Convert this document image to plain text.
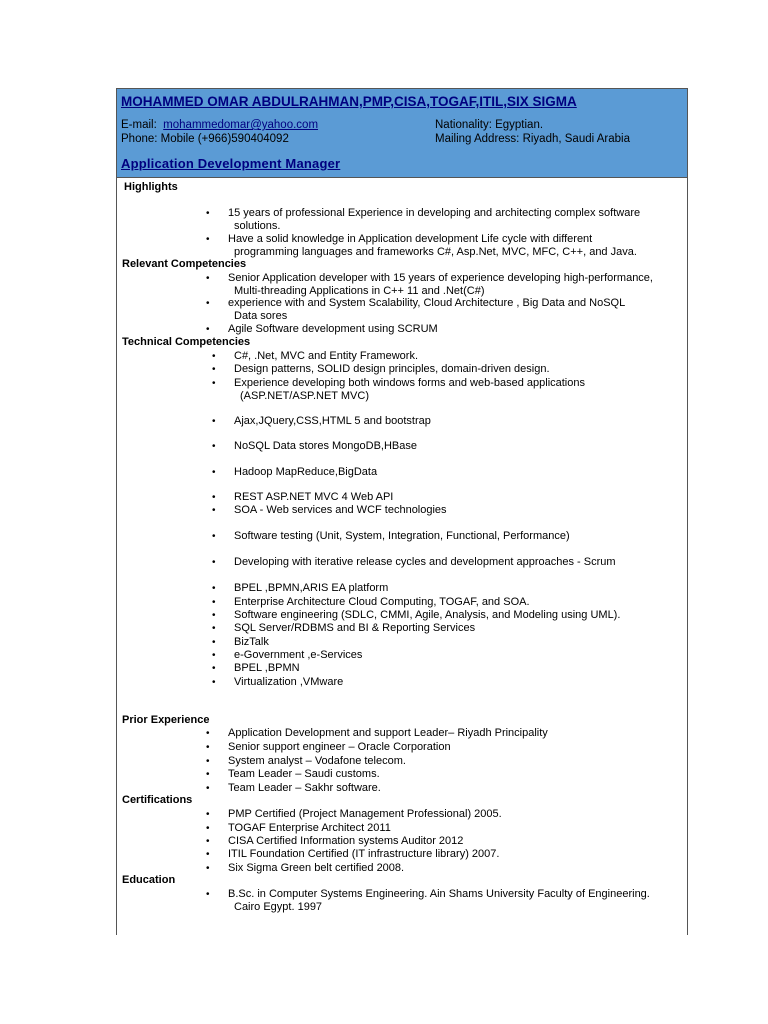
MOHAMMED OMAR ABDULRAHMAN,PMP,CISA,TOGAF,ITIL,SIX SIGMA
E-mail: mohammedomar@yahoo.com
Phone: Mobile (+966)590404092
Nationality: Egyptian.
Mailing Address: Riyadh, Saudi Arabia
Application Development Manager
Highlights
• 15 years of professional Experience in developing and architecting complex software
solutions.
• Have a solid knowledge in Application development Life cycle with different
programming languages and frameworks C#, Asp.Net, MVC, MFC, C++, and Java.
Relevant Competencies
• Senior Application developer with 15 years of experience developing high-performance,
Multi-threading Applications in C++ 11 and .Net(C#)
• experience with and System Scalability, Cloud Architecture , Big Data and NoSQL
Data sores
• Agile Software development using SCRUM
Technical Competencies
• C#, .Net, MVC and Entity Framework.
• Design patterns, SOLID design principles, domain-driven design.
• Experience developing both windows forms and web-based applications
(ASP.NET/ASP.NET MVC)
• Ajax,JQuery,CSS,HTML 5 and bootstrap
• NoSQL Data stores MongoDB,HBase
• Hadoop MapReduce,BigData
• REST ASP.NET MVC 4 Web API
• SOA - Web services and WCF technologies
• Software testing (Unit, System, Integration, Functional, Performance)
• Developing with iterative release cycles and development approaches - Scrum
• BPEL ,BPMN,ARIS EA platform
• Enterprise Architecture Cloud Computing, TOGAF, and SOA.
• Software engineering (SDLC, CMMI, Agile, Analysis, and Modeling using UML).
• SQL Server/RDBMS and BI & Reporting Services
• BizTalk
• e-Government ,e-Services
• BPEL ,BPMN
• Virtualization ,VMware
Prior Experience
• Application Development and support Leader– Riyadh Principality
• Senior support engineer – Oracle Corporation
• System analyst – Vodafone telecom.
• Team Leader – Saudi customs.
• Team Leader – Sakhr software.
Certifications
• PMP Certified (Project Management Professional) 2005.
• TOGAF Enterprise Architect 2011
• CISA Certified Information systems Auditor 2012
• ITIL Foundation Certified (IT infrastructure library) 2007.
• Six Sigma Green belt certified 2008.
Education
• B.Sc. in Computer Systems Engineering. Ain Shams University Faculty of Engineering.
Cairo Egypt. 1997
